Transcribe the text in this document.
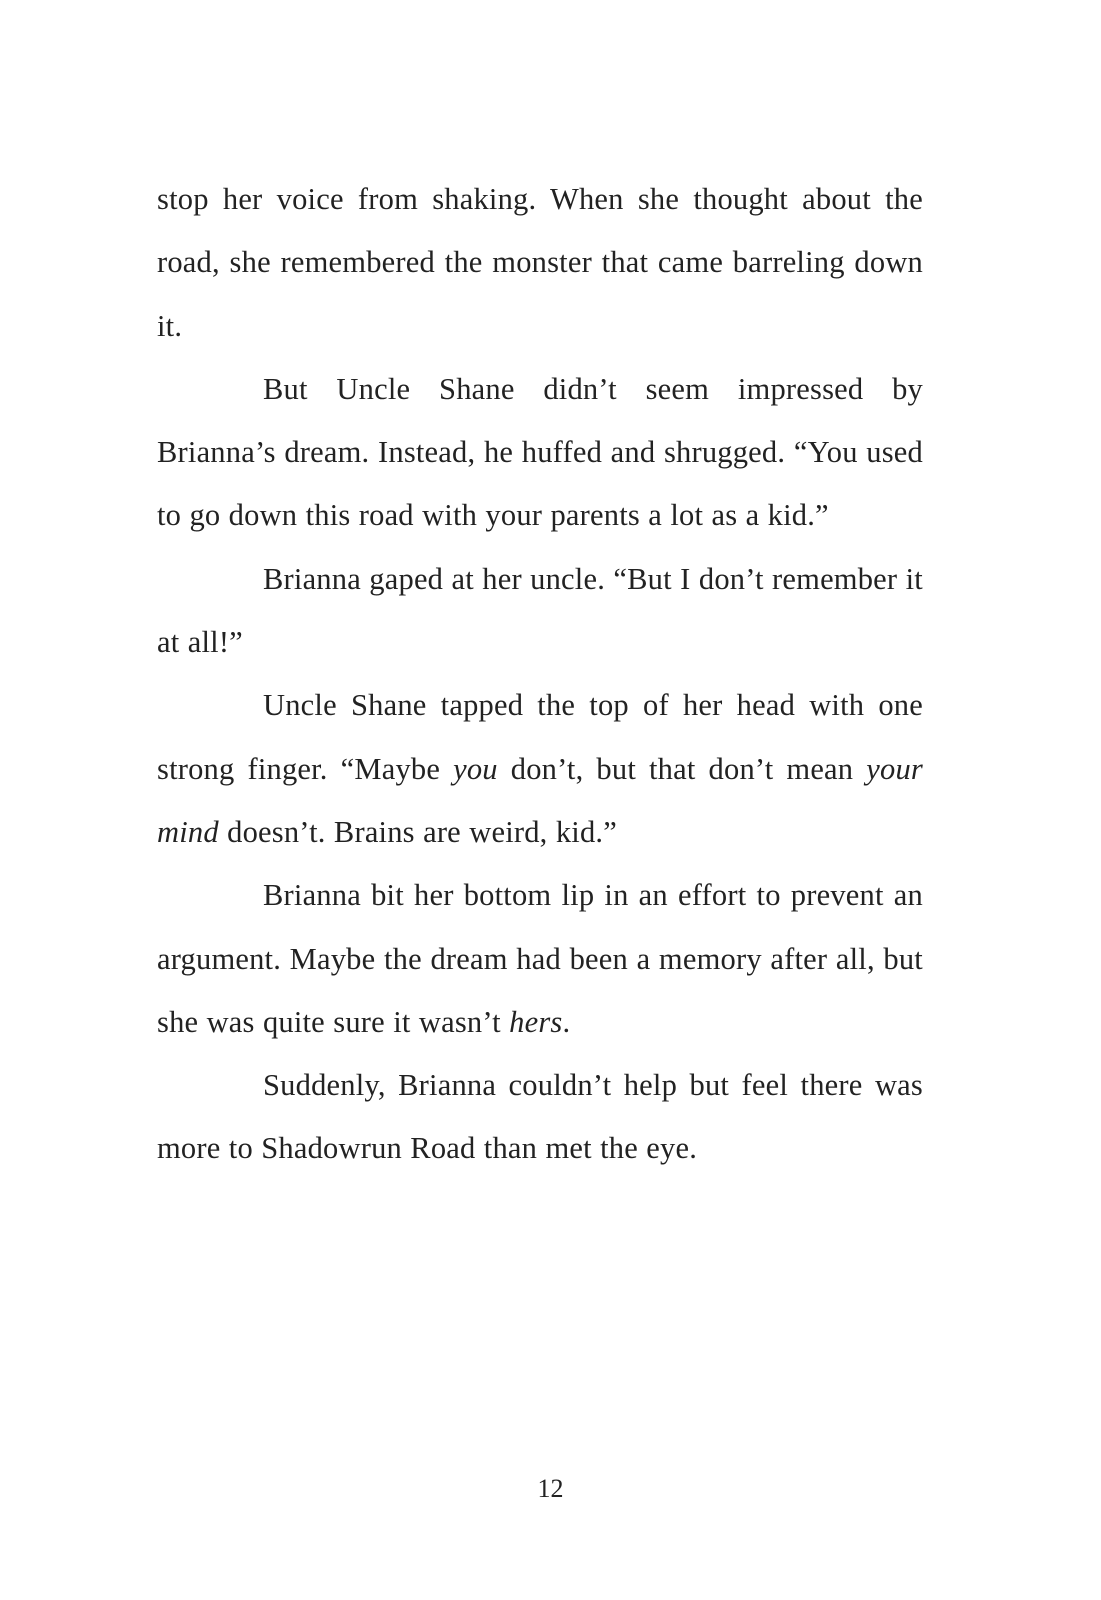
stop her voice from shaking. When she thought about the road, she remembered the monster that came barreling down it.

But Uncle Shane didn’t seem impressed by Brianna’s dream. Instead, he huffed and shrugged. “You used to go down this road with your parents a lot as a kid.”

Brianna gaped at her uncle. “But I don’t remember it at all!”

Uncle Shane tapped the top of her head with one strong finger. “Maybe you don’t, but that don’t mean your mind doesn’t. Brains are weird, kid.”

Brianna bit her bottom lip in an effort to prevent an argument. Maybe the dream had been a memory after all, but she was quite sure it wasn’t hers.

Suddenly, Brianna couldn’t help but feel there was more to Shadowrun Road than met the eye.

12
